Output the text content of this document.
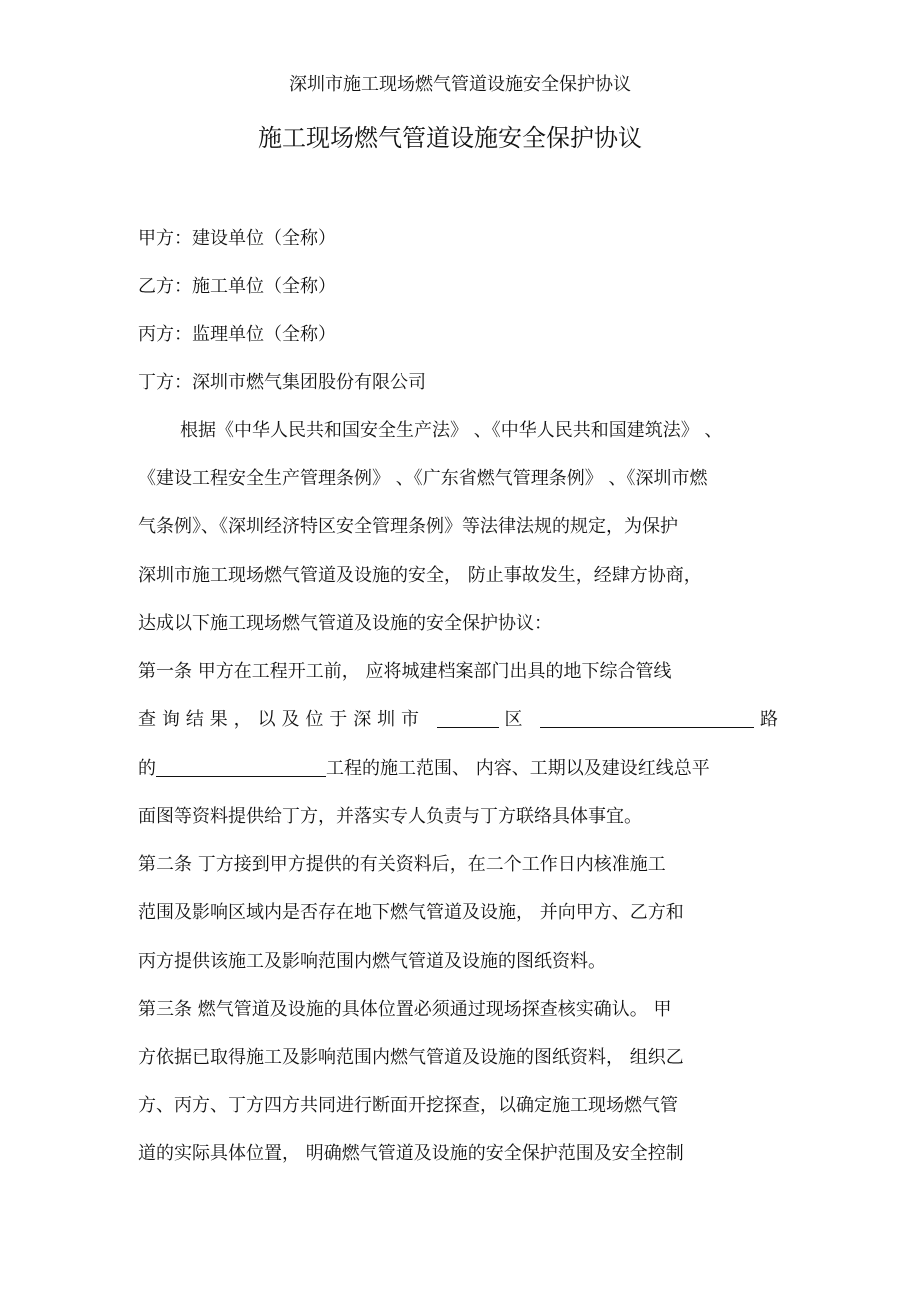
深圳市施工现场燃气管道设施安全保护协议
施工现场燃气管道设施安全保护协议
甲方：建设单位（全称）
乙方：施工单位（全称）
丙方：监理单位（全称）
丁方：深圳市燃气集团股份有限公司
根据《中华人民共和国安全生产法》 、《中华人民共和国建筑法》 、
《建设工程安全生产管理条例》 、《广东省燃气管理条例》 、《深圳市燃
气条例》、《深圳经济特区安全管理条例》等法律法规的规定，为保护
深圳市施工现场燃气管道及设施的安全， 防止事故发生，经肆方协商，
达成以下施工现场燃气管道及设施的安全保护协议：
第一条 甲方在工程开工前， 应将城建档案部门出具的地下综合管线
查询结果，以及位于深圳市	区	路
的	工程的施工范围、 内容、工期以及建设红线总平
面图等资料提供给丁方，并落实专人负责与丁方联络具体事宜。
第二条 丁方接到甲方提供的有关资料后，在二个工作日内核准施工
范围及影响区域内是否存在地下燃气管道及设施， 并向甲方、乙方和
丙方提供该施工及影响范围内燃气管道及设施的图纸资料。
第三条 燃气管道及设施的具体位置必须通过现场探查核实确认。 甲
方依据已取得施工及影响范围内燃气管道及设施的图纸资料， 组织乙
方、丙方、丁方四方共同进行断面开挖探查，以确定施工现场燃气管
道的实际具体位置， 明确燃气管道及设施的安全保护范围及安全控制
